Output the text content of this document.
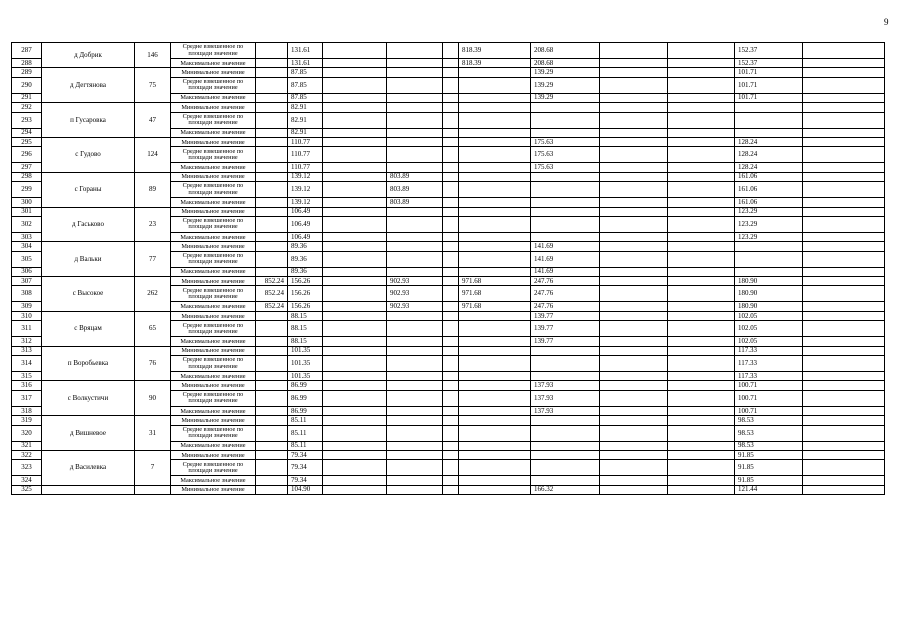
9
287	д Добрик	146	Средне взвешенное по площади значение		131.61				818.39	208.68			152.37		
288			Максимальное значение		131.61				818.39	208.68			152.37		
289	д Дегтянова	75	Минимальное значение		87.85					139.29			101.71		
290			Средне взвешенное по площади значение		87.85					139.29			101.71		
291			Максимальное значение		87.85					139.29			101.71		
292	п Гусаровка	47	Минимальное значение		82.91										
293			Средне взвешенное по площади значение		82.91										
294			Максимальное значение		82.91										
295	с Гудово	124	Минимальное значение		110.77					175.63			128.24		
296			Средне взвешенное по площади значение		110.77					175.63			128.24		
297			Максимальное значение		110.77					175.63			128.24		
298	с Гораны	89	Минимальное значение		139.12		803.89						161.06		
299			Средне взвешенное по площади значение		139.12		803.89						161.06		
300			Максимальное значение		139.12		803.89						161.06		
301	д Гаськово	23	Минимальное значение		106.49								123.29		
302			Средне взвешенное по площади значение		106.49								123.29		
303			Максимальное значение		106.49								123.29		
304	д Вальки	77	Минимальное значение		89.36					141.69					
305			Средне взвешенное по площади значение		89.36					141.69					
306			Максимальное значение		89.36					141.69					
307	с Высокое	262	Минимальное значение	852.24	156.26		902.93		971.68	247.76			180.90		
308			Средне взвешенное по площади значение	852.24	156.26		902.93		971.68	247.76			180.90		
309			Максимальное значение	852.24	156.26		902.93		971.68	247.76			180.90		
310	с Вряцам	65	Минимальное значение		88.15					139.77			102.05		
311			Средне взвешенное по площади значение		88.15					139.77			102.05		
312			Максимальное значение		88.15					139.77			102.05		
313	п Воробьевка	76	Минимальное значение		101.35								117.33		
314			Средне взвешенное по площади значение		101.35								117.33		
315			Максимальное значение		101.35								117.33		
316	с Волкустичи	90	Минимальное значение		86.99					137.93			100.71		
317			Средне взвешенное по площади значение		86.99					137.93			100.71		
318			Максимальное значение		86.99					137.93			100.71		
319	д Вишневое	31	Минимальное значение		85.11								98.53		
320			Средне взвешенное по площади значение		85.11								98.53		
321			Максимальное значение		85.11								98.53		
322	д Василевка	7	Минимальное значение		79.34								91.85		
323			Средне взвешенное по площади значение		79.34								91.85		
324			Максимальное значение		79.34								91.85		
325			Минимальное значение		104.90					166.32			121.44		
